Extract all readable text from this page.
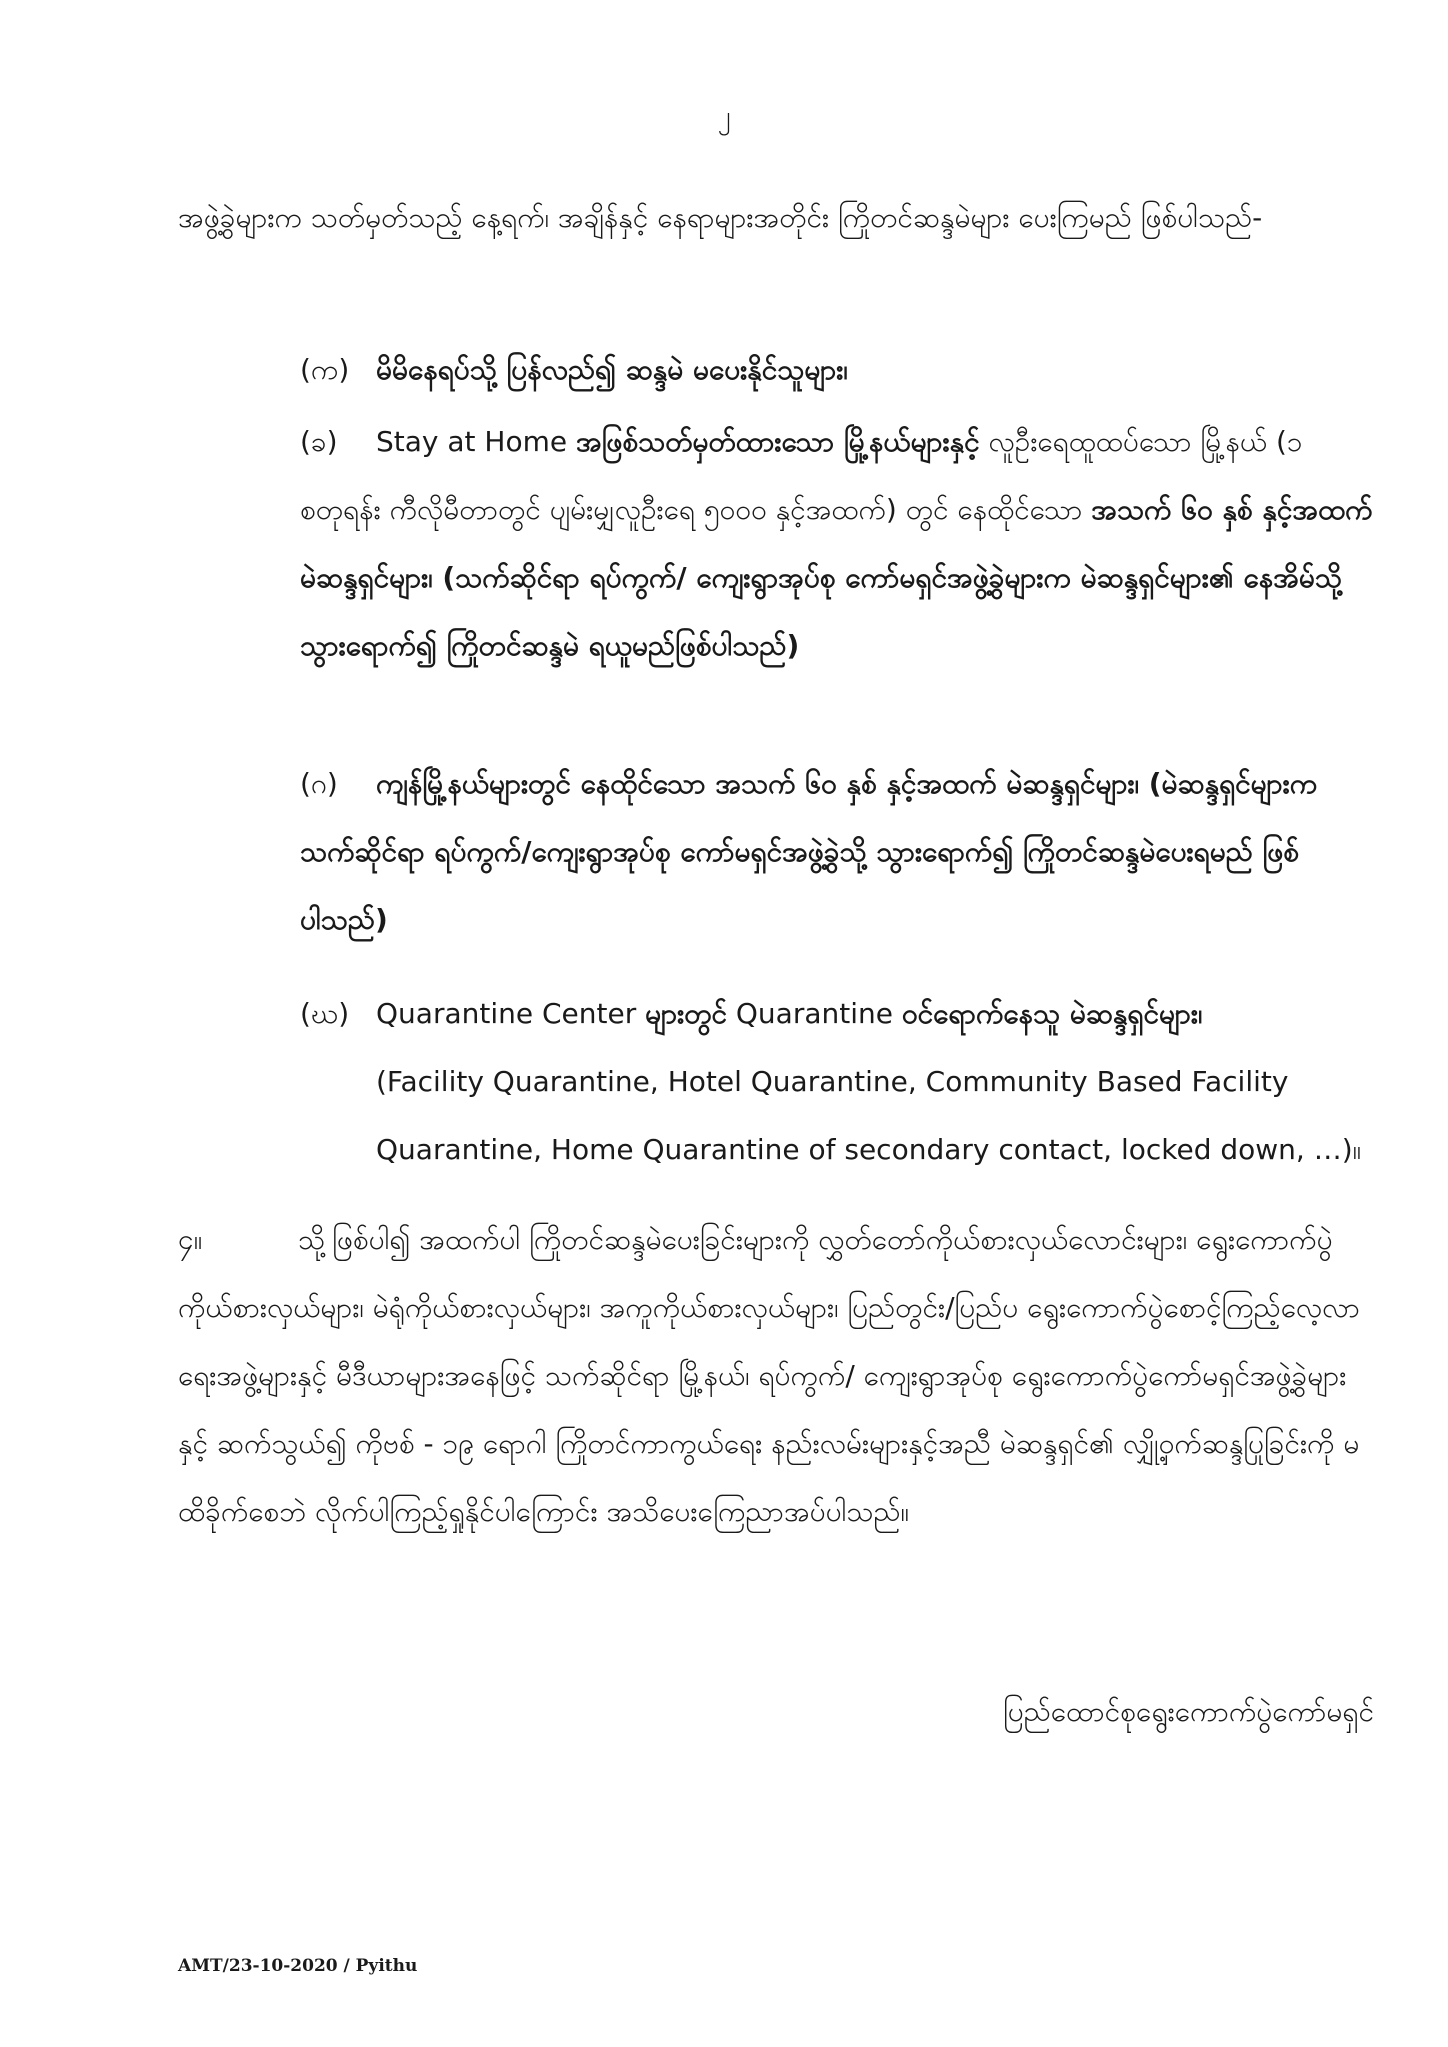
၂
အဖွဲ့ခွဲများက သတ်မှတ်သည့် နေ့ရက်၊ အချိန်နှင့် နေရာများအတိုင်း ကြိုတင်ဆန္ဒမဲများ ပေးကြမည် ဖြစ်ပါသည်-
(က) မိမိနေရပ်သို့ ပြန်လည်၍ ဆန္ဒမဲ မပေးနိုင်သူများ၊
(ခ) Stay at Home အဖြစ်သတ်မှတ်ထားသော မြို့နယ်များနှင့် လူဦးရေထူထပ်သော မြို့နယ် (၁ စတုရန်း ကီလိုမီတာတွင် ပျမ်းမျှလူဦးရေ ၅၀၀၀ နှင့်အထက်) တွင် နေထိုင်သော အသက် ၆၀ နှစ် နှင့်အထက် မဲဆန္ဒရှင်များ၊ (သက်ဆိုင်ရာ ရပ်ကွက်/ ကျေးရွာအုပ်စု ကော်မရှင်အဖွဲ့ခွဲများက မဲဆန္ဒရှင်များ၏ နေအိမ်သို့ သွားရောက်၍ ကြိုတင်ဆန္ဒမဲ ရယူမည်ဖြစ်ပါသည်)
(ဂ) ကျန်မြို့နယ်များတွင် နေထိုင်သော အသက် ၆၀ နှစ် နှင့်အထက် မဲဆန္ဒရှင်များ၊ (မဲဆန္ဒရှင်များက သက်ဆိုင်ရာ ရပ်ကွက်/ကျေးရွာအုပ်စု ကော်မရှင်အဖွဲ့ခွဲသို့ သွားရောက်၍ ကြိုတင်ဆန္ဒမဲပေးရမည် ဖြစ်ပါသည်)
(ဃ) Quarantine Center များတွင် Quarantine ဝင်ရောက်နေသူ မဲဆန္ဒရှင်များ၊
(Facility Quarantine, Hotel Quarantine, Community Based Facility Quarantine, Home Quarantine of secondary contact, locked down, …)။
၄။	သို့ဖြစ်ပါ၍ အထက်ပါ ကြိုတင်ဆန္ဒမဲပေးခြင်းများကို လွှတ်တော်ကိုယ်စားလှယ်လောင်းများ၊ ရွေးကောက်ပွဲကိုယ်စားလှယ်များ၊ မဲရုံကိုယ်စားလှယ်များ၊ အကူကိုယ်စားလှယ်များ၊ ပြည်တွင်း/ပြည်ပ ရွေးကောက်ပွဲစောင့်ကြည့်လေ့လာရေးအဖွဲ့များနှင့် မီဒီယာများအနေဖြင့် သက်ဆိုင်ရာ မြို့နယ်၊ ရပ်ကွက်/ ကျေးရွာအုပ်စု ရွေးကောက်ပွဲကော်မရှင်အဖွဲ့ခွဲများနှင့် ဆက်သွယ်၍ ကိုဗစ် - ၁၉ ရောဂါ ကြိုတင်ကာကွယ်ရေး နည်းလမ်းများနှင့်အညီ မဲဆန္ဒရှင်၏ လျှို့ဝှက်ဆန္ဒပြုခြင်းကို မထိခိုက်စေဘဲ လိုက်ပါကြည့်ရှုနိုင်ပါကြောင်း အသိပေးကြေညာအပ်ပါသည်။
ပြည်ထောင်စုရွေးကောက်ပွဲကော်မရှင်
AMT/23-10-2020 / Pyithu
